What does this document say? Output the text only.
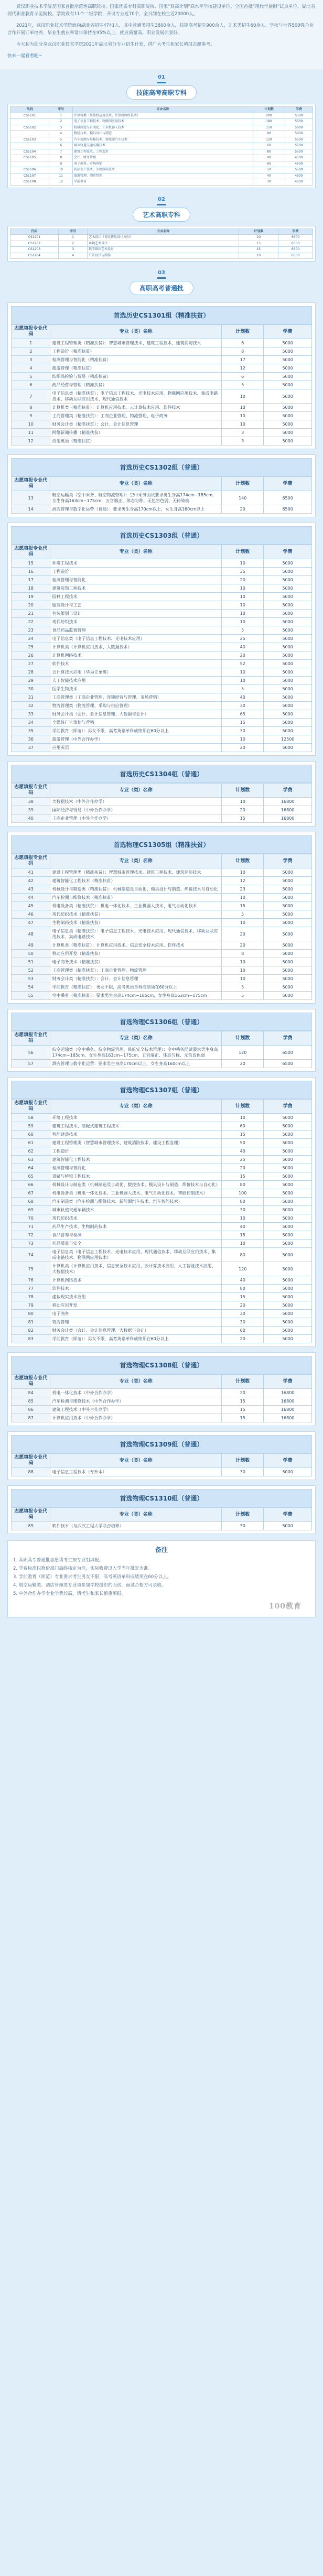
武汉职业技术学院是国家首批示范性高职院校、国家优质专科高职院校、国家“双高计划”高水平学校建设单位、全国首批“现代学徒制”试点单位，湖北省现代职业教育示范院校。学院设有11个二级学院，开设专业近70个，全日制在校生近20000人。

2021年，武汉职业技术学院面向湖北省招生4741人，其中普通类招生3800余人，技能高考招生900余人，艺术类招生60余人。学校与世界500强企业合作开展订单培养，毕业生就业率常年保持在95%以上，就业质量高、职业发展前景好。

今天起为您分享武汉职业技术学院2021年湖北省分专业招生计划，供广大考生和家长填报志愿参考。

快来一起看看吧~

01
技能高考高职专科
代码	序号	专业名称	计划数	学费
CS1101	1	计算机类（计算机应用技术、计算机网络技术）	200	5500
	2	电子信息工程技术、物联网应用技术	180	5500
CS1102	3	机械制造与自动化、工业机器人技术	150	5000
	4	数控技术、模具设计与制造	90	5000
CS1103	5	汽车检测与维修技术、新能源汽车技术	120	5500
	6	城市轨道交通车辆技术	60	5500
CS1104	7	建筑工程技术、工程造价	80	5500
CS1105	8	会计、财务管理	90	4500
	9	电子商务、市场营销	60	4500
CS1106	10	药品生产技术、生物制药技术	50	5500
CS1107	11	旅游管理、酒店管理	40	4500
CS1108	12	学前教育	30	4500
02
艺术高职专科
代码	序号	专业名称	计划数	学费
CS1201	1	艺术设计（视觉传达设计方向）	20	6500
CS1202	2	环境艺术设计	15	6500
CS1203	3	数字媒体艺术设计	15	6500
CS1204	4	广告设计与制作	10	6500
03
高职高考普通批
首选历史CS1301组（精准扶贫）
志愿填报专业代码	专业（类）名称	计划数	学费
1	建设工程管理类（精准扶贫）：智慧城市管理技术、建筑工程技术、建筑消防技术	6	5000
2	工程造价（精准扶贫）	8	5000
3	检测管理与智能化（精准扶贫）	17	5000
4	旅游管理（精准扶贫）	12	5000
5	纺织品检验与贸易（精准扶贫）	6	5000
6	药品经营与管理（精准扶贫）	5	5000
7	电子信息类（精准扶贫）：电子信息工程技术、光电技术应用、物联网应用技术、集成电路技术、移动互联应用技术、现代通信技术	10	5000
8	计算机类（精准扶贫）：计算机应用技术、云计算技术应用、软件技术	10	5000
9	工商管理类（精准扶贫）：工商企业管理、物流管理、电子商务	10	5000
10	财务会计类（精准扶贫）：会计、会计信息管理	10	5000
11	网络新闻传播（精准扶贫）	3	5000
12	应用英语（精准扶贫）	3	5000
首选历史CS1302组（普通）
志愿填报专业代码	专业（类）名称	计划数	学费
13	航空运输类（空中乘务、航空物流管理）：空中乘务面试要求男生身高174cm~185cm，女生身高163cm~175cm，五官端正、体态匀称、无色盲色弱、无传染病	140	6500
14	酒店管理与数字化运营（普通）：要求男生身高170cm以上，女生身高160cm以上	20	6500
首选历史CS1303组（普通）
志愿填报专业代码	专业（类）名称	计划数	学费
15	环境工程技术	10	5000
16	工程造价	35	5000
17	检测管理与智能化	20	5000
18	建筑装饰工程技术	10	5000
19	园林工程技术	10	5000
20	服装设计与工艺	10	5000
21	包装策划与设计	10	5000
22	现代纺织技术	10	5000
23	食品药品监督管理	5	5000
24	电子信息类（电子信息工程技术、光电技术应用）	25	5000
25	计算机类（计算机应用技术、大数据技术）	40	5000
26	计算机网络技术	20	5000
27	软件技术	52	5000
28	云计算技术应用（华为订单班）	10	5000
29	人工智能技术应用	10	5000
30	医学生物技术	5	5000
31	工商管理类（工商企业管理、连锁经营与管理、市场营销）	40	5000
32	物流管理类（物流管理、采购与供应管理）	30	5000
33	财务会计类（会计、会计信息管理、大数据与会计）	65	5000
34	全媒体广告策划与营销	15	5000
35	学前教育（师范）：男女不限，高考英语单科成绩须在60分以上	30	5000
36	旅游管理（中外合作办学）	10	12500
37	应用英语	20	5000
首选历史CS1304组（普通）
志愿填报专业代码	专业（类）名称	计划数	学费
38	大数据技术（中外合作办学）	10	16800
39	国际经济与贸易（中外合作办学）	20	16800
40	工商企业管理（中外合作办学）	15	16800
首选物理CS1305组（精准扶贫）
志愿填报专业代码	专业（类）名称	计划数	学费
41	建设工程管理类（精准扶贫）：智慧城市管理技术、建筑工程技术、建筑消防技术	10	5000
42	建筑智能化工程技术（精准扶贫）	12	5000
43	机械设计与制造类（精准扶贫）：机械制造及自动化、模具设计与制造、焊接技术与自动化	23	5000
44	汽车检测与维修技术（精准扶贫）	10	5000
45	机电设备类（精准扶贫）：机电一体化技术、工业机器人技术、电气自动化技术	15	5000
46	现代纺织技术（精准扶贫）	5	5000
47	生物制药技术（精准扶贫）	10	5000
48	电子信息类（精准扶贫）：电子信息工程技术、光电技术应用、现代通信技术、移动互联应用技术、集成电路技术	20	5000
49	计算机类（精准扶贫）：计算机应用技术、信息安全技术应用、软件技术	20	5000
50	移动应用开发（精准扶贫）	8	5000
51	电子商务技术（精准扶贫）	10	5000
52	工商管理类（精准扶贫）：工商企业管理、物流管理	10	5000
53	财务会计类（精准扶贫）：会计、会计信息管理	10	5000
54	学前教育（精准扶贫）：男女不限，高考英语单科成绩须在60分以上	5	5000
55	空中乘务（精准扶贫）：要求男生身高174cm~185cm，女生身高163cm~175cm	5	5000
首选物理CS1306组（普通）
志愿填报专业代码	专业（类）名称	计划数	学费
56	航空运输类（空中乘务、航空物流管理、民航安全技术管理）：空中乘务面试要求男生身高174cm~185cm，女生身高163cm~175cm，五官端正、体态匀称、无色盲色弱	120	6500
57	酒店管理与数字化运营：要求男生身高170cm以上，女生身高160cm以上	20	6500
首选物理CS1307组（普通）
志愿填报专业代码	专业（类）名称	计划数	学费
58	环境工程技术	10	5000
59	建筑工程技术、装配式建筑工程技术	60	5000
60	智能建造技术	15	5000
61	建设工程管理类（智慧城市管理技术、建筑消防技术、建设工程监理）	50	5000
62	工程造价	40	5000
63	建筑智能化工程技术	25	5000
64	检测管理与智能化	20	5000
65	道路与桥梁工程技术	15	5000
66	机械设计与制造类（机械制造及自动化、数控技术、模具设计与制造、焊接技术与自动化）	80	5000
67	机电设备类（机电一体化技术、工业机器人技术、电气自动化技术、智能控制技术）	100	5000
68	汽车制造类（汽车检测与维修技术、新能源汽车技术、汽车智能技术）	80	5000
69	城市轨道交通车辆技术	30	5000
70	现代纺织技术	10	5000
71	药品生产技术、生物制药技术	40	5000
72	食品营养与检测	15	5000
73	药品质量与安全	10	5000
74	电子信息类（电子信息工程技术、光电技术应用、现代通信技术、移动互联应用技术、集成电路技术、物联网应用技术）	80	5000
75	计算机类（计算机应用技术、信息安全技术应用、云计算技术应用、人工智能技术应用、大数据技术）	120	5000
76	计算机网络技术	40	5000
77	软件技术	80	5000
78	虚拟现实技术应用	15	5000
79	移动应用开发	20	5000
80	电子商务	30	5000
81	物流管理	30	5000
82	财务会计类（会计、会计信息管理、大数据与会计）	60	5000
83	学前教育（师范）：男女不限，高考英语单科成绩须在60分以上	20	5000
首选物理CS1308组（普通）
志愿填报专业代码	专业（类）名称	计划数	学费
84	机电一体化技术（中外合作办学）	20	16800
85	汽车检测与维修技术（中外合作办学）	15	16800
86	建筑工程技术（中外合作办学）	15	16800
87	计算机应用技术（中外合作办学）	15	16800
首选物理CS1309组（普通）
志愿填报专业代码	专业（类）名称	计划数	学费
88	电子信息工程技术（专升本）	30	5000
首选物理CS1310组（普通）
志愿填报专业代码	专业（类）名称	计划数	学费
89	软件技术（与武汉工程大学联合培养）	30	5000
备注

1. 高职高专普通批志愿请考生按专业组填报。

2. 学费标准以物价部门最终核定为准，实际收费以入学当年批复为准。

3. 学前教育（师范）专业要求考生男女不限，高考英语单科成绩须在60分以上。

4. 航空运输类、酒店管理类专业须参加学校组织的面试，面试合格方可录取。

5. 中外合作办学专业学费较高，请考生和家长慎重填报。

100教育
